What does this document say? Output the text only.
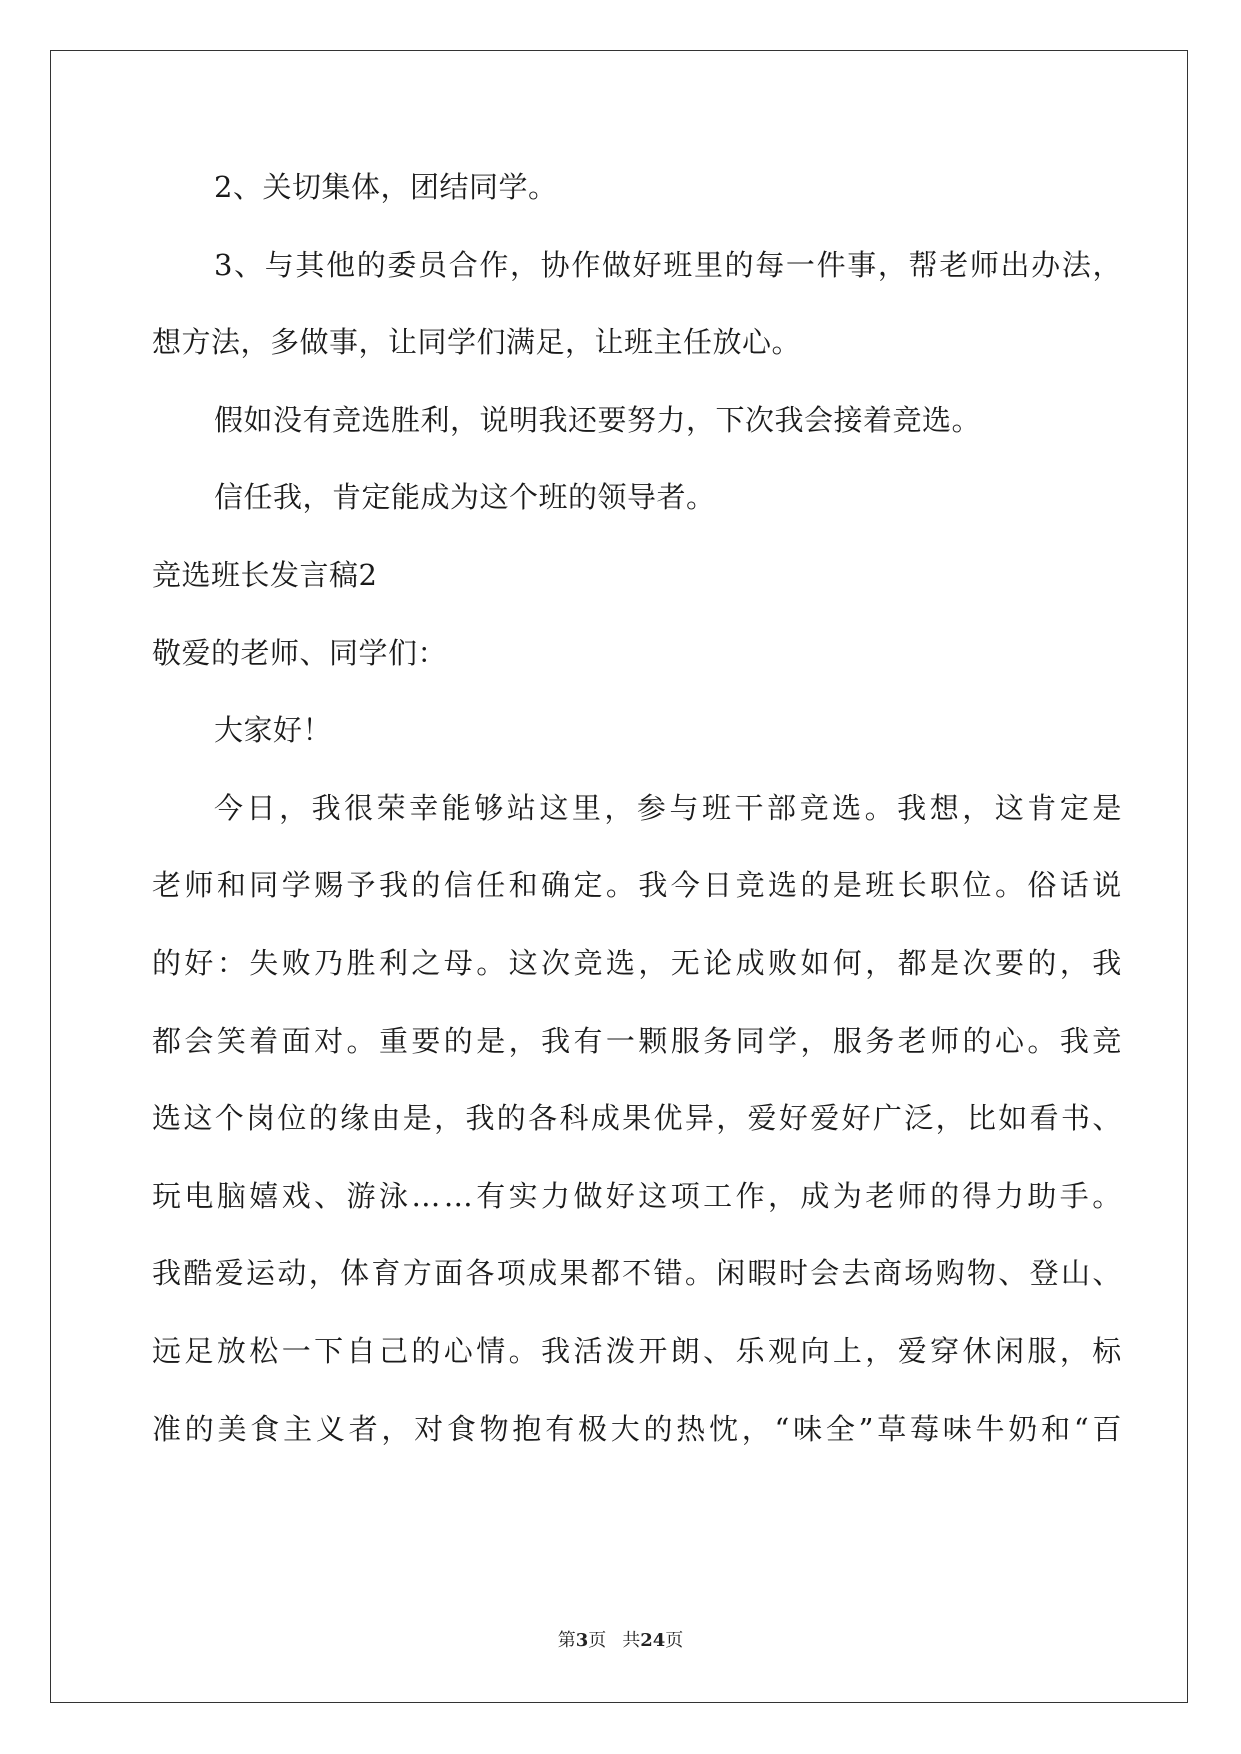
2、关切集体，团结同学。
3 、 与 其 他 的 委 员 合 作 ， 协 作 做 好 班 里 的 每 一 件 事 ， 帮 老 师 出 办 法 ，
想方法，多做事，让同学们满足，让班主任放心。
假如没有竞选胜利，说明我还要努力，下次我会接着竞选。
信任我，肯定能成为这个班的领导者。
竞选班长发言稿2
敬爱的老师、同学们：
大家好！
今 日 ， 我 很 荣 幸 能 够 站 这 里 ， 参 与 班 干 部 竞 选 。 我 想 ， 这 肯 定 是
老 师 和 同 学 赐 予 我 的 信 任 和 确 定 。 我 今 日 竞 选 的 是 班 长 职 位 。 俗 话 说
的 好 ： 失 败 乃 胜 利 之 母 。 这 次 竞 选 ， 无 论 成 败 如 何 ， 都 是 次 要 的 ， 我
都 会 笑 着 面 对 。 重 要 的 是 ， 我 有 一 颗 服 务 同 学 ， 服 务 老 师 的 心 。 我 竞
选 这 个 岗 位 的 缘 由 是 ， 我 的 各 科 成 果 优 异 ， 爱 好 爱 好 广 泛 ， 比 如 看 书 、
玩 电 脑 嬉 戏 、 游 泳 … … 有 实 力 做 好 这 项 工 作 ， 成 为 老 师 的 得 力 助 手 。
我 酷 爱 运 动 ， 体 育 方 面 各 项 成 果 都 不 错 。 闲 暇 时 会 去 商 场 购 物 、 登 山 、
远 足 放 松 一 下 自 己 的 心 情 。 我 活 泼 开 朗 、 乐 观 向 上 ， 爱 穿 休 闲 服 ， 标
准 的 美 食 主 义 者 ， 对 食 物 抱 有 极 大 的 热 忱 ， “ 味 全 ” 草 莓 味 牛 奶 和 “ 百
第3页 共24页
